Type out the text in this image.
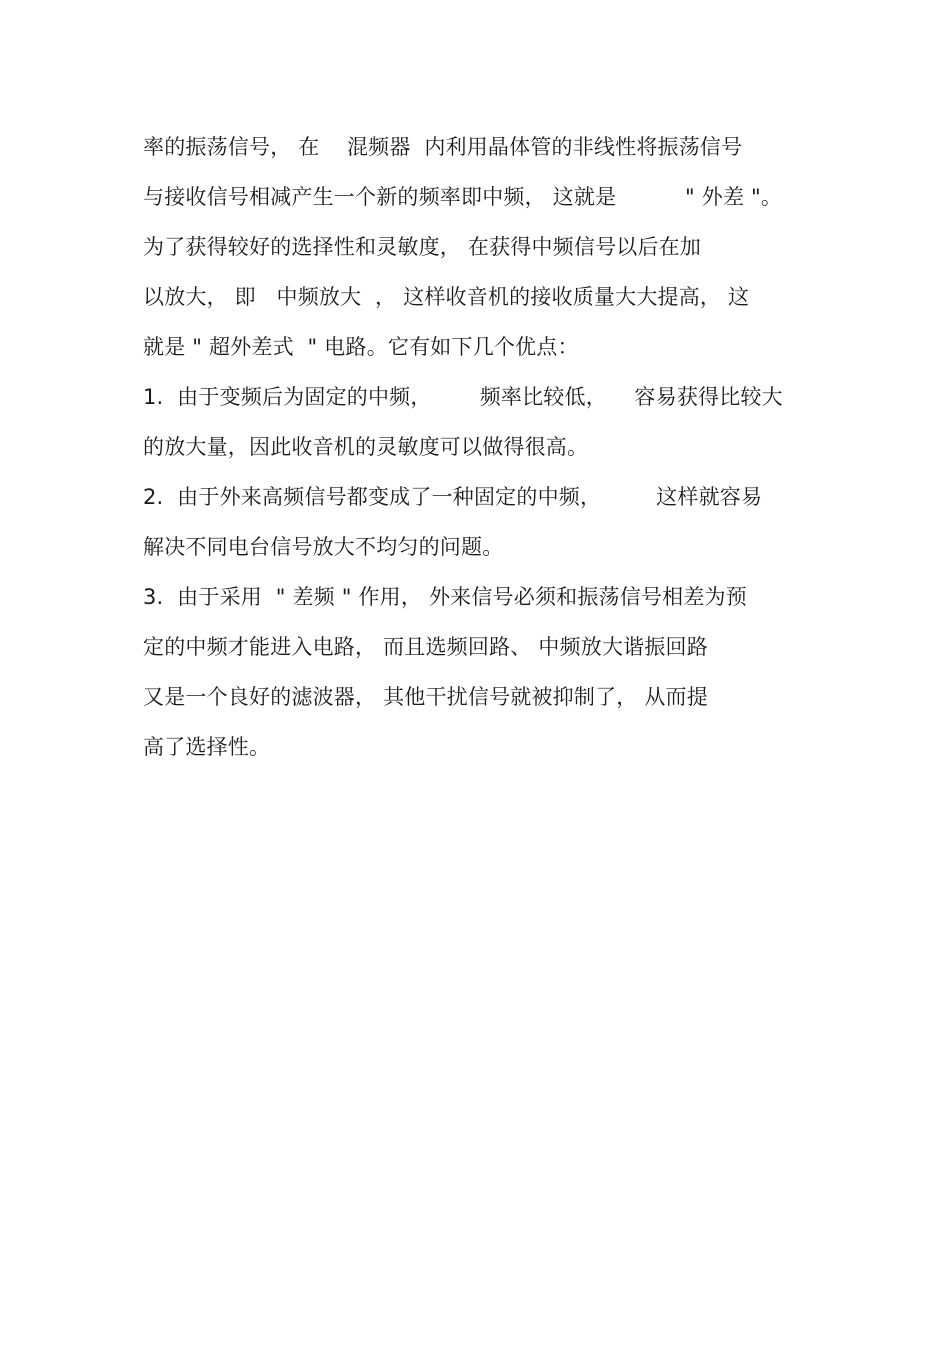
率的振荡信号， 在    混频器  内利用晶体管的非线性将振荡信号
与接收信号相减产生一个新的频率即中频， 这就是          " 外差 "。
为了获得较好的选择性和灵敏度， 在获得中频信号以后在加
以放大， 即   中频放大  ， 这样收音机的接收质量大大提高， 这
就是 " 超外差式  " 电路。它有如下几个优点：
1.  由于变频后为固定的中频，       频率比较低，    容易获得比较大
的放大量，因此收音机的灵敏度可以做得很高。
2.  由于外来高频信号都变成了一种固定的中频，        这样就容易
解决不同电台信号放大不均匀的问题。
3.  由于采用  " 差频 " 作用， 外来信号必须和振荡信号相差为预
定的中频才能进入电路， 而且选频回路、 中频放大谐振回路
又是一个良好的滤波器， 其他干扰信号就被抑制了， 从而提
高了选择性。
